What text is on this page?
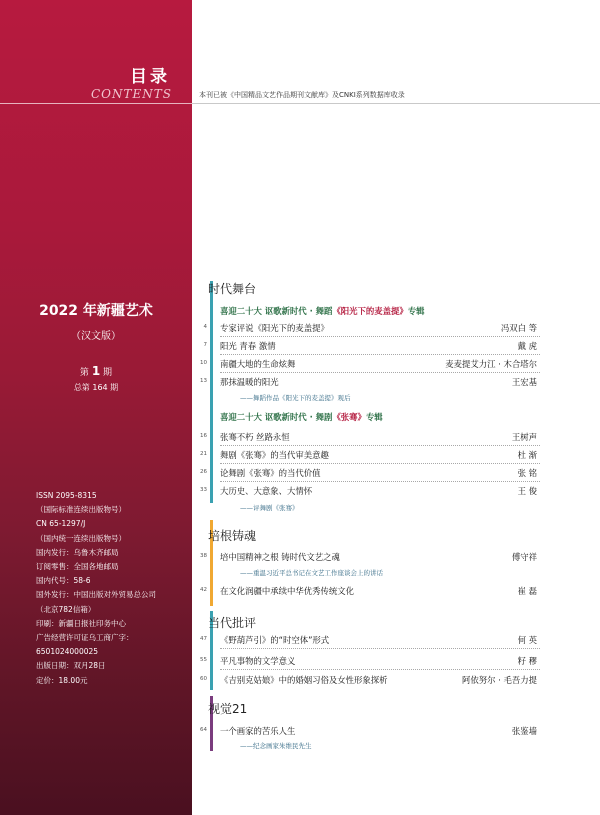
目录
CONTENTS
2022 年新疆艺术
（汉文版）
第 1 期
总第 164 期
ISSN 2095-8315
（国际标准连续出版物号）
CN 65-1297/J
（国内统一连续出版物号）
国内发行：乌鲁木齐邮局
订阅零售：全国各地邮局
国内代号：58-6
国外发行：中国出版对外贸易总公司
（北京782信箱）
印刷：新疆日报社印务中心
广告经营许可证乌工商广字：
6501024000025
出版日期：双月28日
定价：18.00元
本刊已被《中国精品文艺作品期刊文献库》及CNKI系列数据库收录
时代舞台
喜迎二十大 讴歌新时代 · 舞蹈《阳光下的麦盖提》专辑
4 专家评说《阳光下的麦盖提》	冯双白 等
7 阳光 青春 激情	戴 虎
10 南疆大地的生命炫舞	麦麦提艾力江 · 木合塔尔
13 那抹温暖的阳光	王宏基
——舞蹈作品《阳光下的麦盖提》观后
喜迎二十大 讴歌新时代 · 舞剧《张骞》专辑
16 张骞不朽 丝路永恒	王树声
21 舞剧《张骞》的当代审美意趣	杜 渐
26 论舞剧《张骞》的当代价值	张 铭
33 大历史、大意象、大情怀	王 俊
——评舞剧《张骞》
培根铸魂
38 培中国精神之根 铸时代文艺之魂	傅守祥
——重温习近平总书记在文艺工作座谈会上的讲话
42 在文化润疆中承续中华优秀传统文化	崔 磊
当代批评
47 《野葫芦引》的“时空体”形式	何 英
55 平凡事物的文学意义	籽 穋
60 《吉别克姑娘》中的婚姻习俗及女性形象探析	阿依努尔 · 毛吾力提
视觉21
64 一个画家的苦乐人生	张鉴墙
——纪念画家朱维民先生
